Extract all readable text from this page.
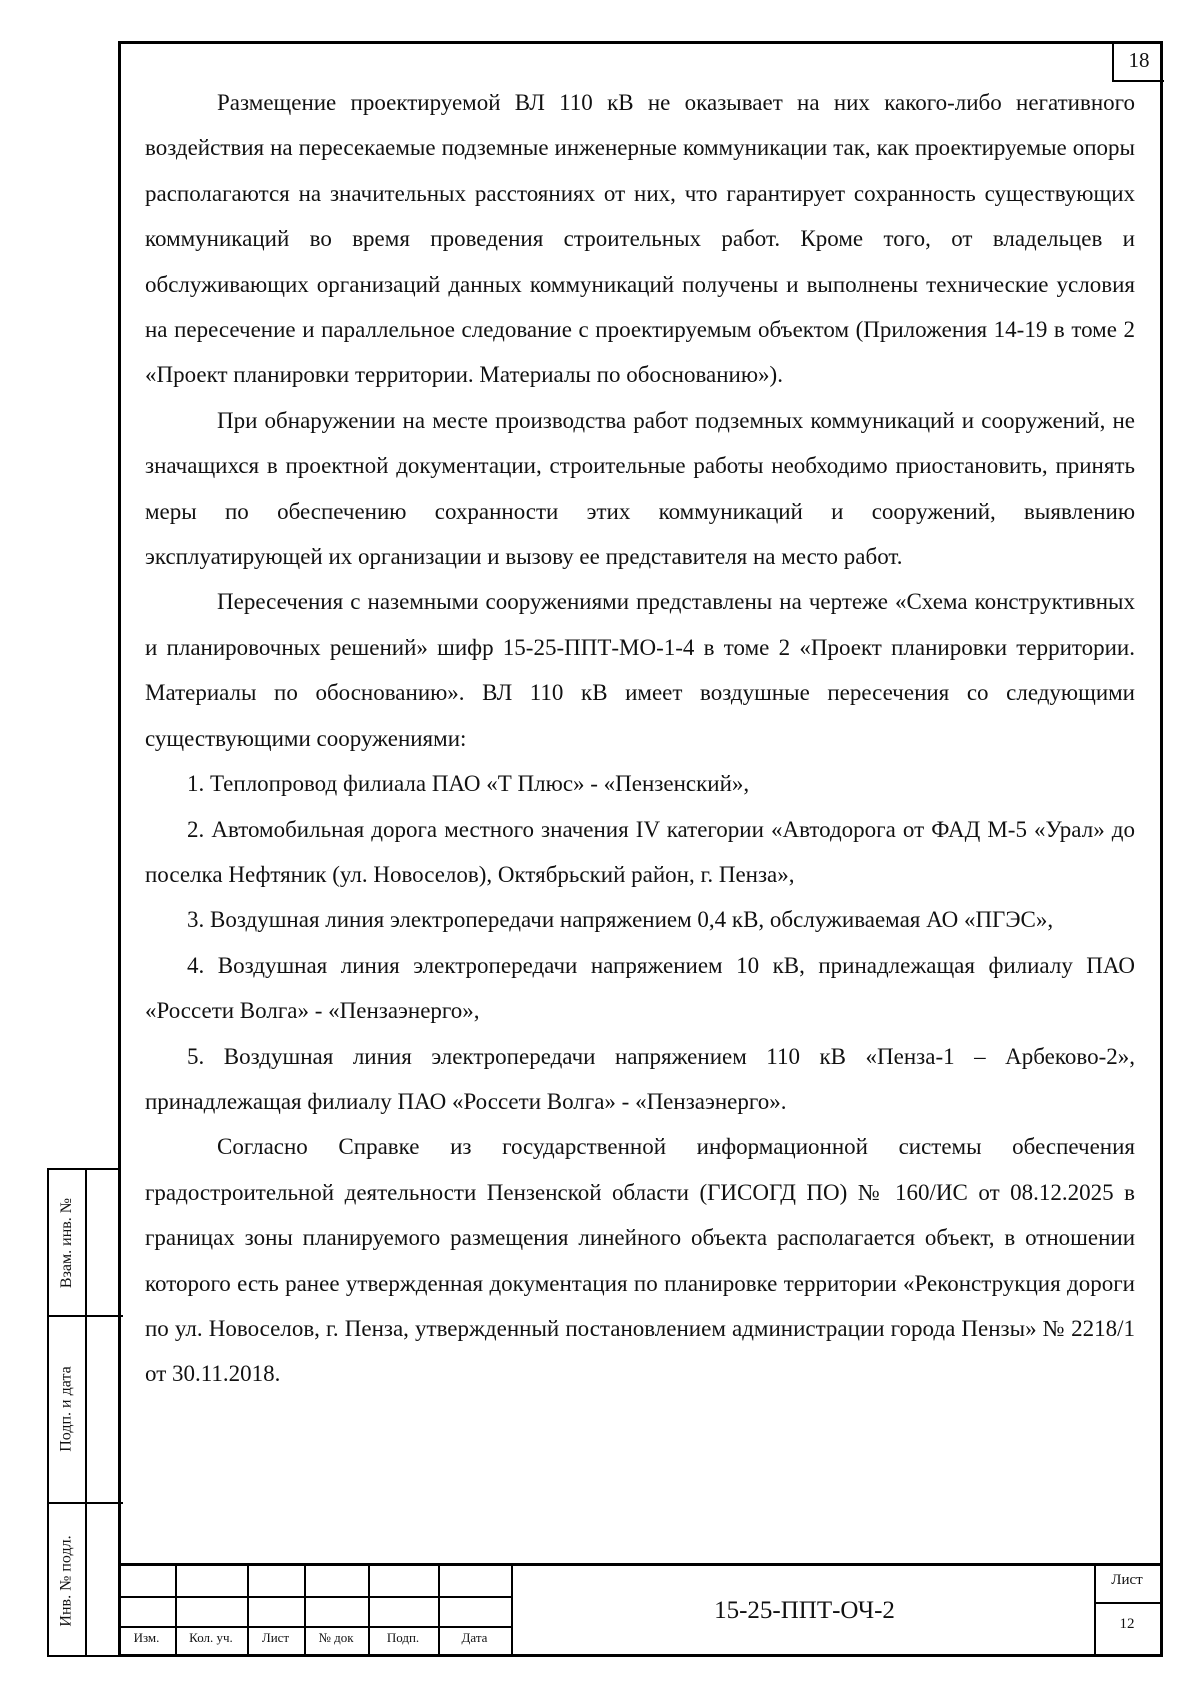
18

Размещение проектируемой ВЛ 110 кВ не оказывает на них какого-либо негативного воздействия на пересекаемые подземные инженерные коммуникации так, как проектируемые опоры располагаются на значительных расстояниях от них, что гарантирует сохранность существующих коммуникаций во время проведения строительных работ. Кроме того, от владельцев и обслуживающих организаций данных коммуникаций получены и выполнены технические условия на пересечение и параллельное следование с проектируемым объектом (Приложения 14-19 в томе 2 «Проект планировки территории. Материалы по обоснованию»).

При обнаружении на месте производства работ подземных коммуникаций и сооружений, не значащихся в проектной документации, строительные работы необходимо приостановить, принять меры по обеспечению сохранности этих коммуникаций и сооружений, выявлению эксплуатирующей их организации и вызову ее представителя на место работ.

Пересечения с наземными сооружениями представлены на чертеже «Схема конструктивных и планировочных решений» шифр 15-25-ППТ-МО-1-4 в томе 2 «Проект планировки территории. Материалы по обоснованию». ВЛ 110 кВ имеет воздушные пересечения со следующими существующими сооружениями:

1. Теплопровод филиала ПАО «Т Плюс» - «Пензенский»,

2. Автомобильная дорога местного значения IV категории «Автодорога от ФАД М-5 «Урал» до поселка Нефтяник (ул. Новоселов), Октябрьский район, г. Пенза»,

3. Воздушная линия электропередачи напряжением 0,4 кВ, обслуживаемая АО «ПГЭС»,

4. Воздушная линия электропередачи напряжением 10 кВ, принадлежащая филиалу ПАО «Россети Волга» - «Пензаэнерго»,

5. Воздушная линия электропередачи напряжением 110 кВ «Пенза-1 – Арбеково-2», принадлежащая филиалу ПАО «Россети Волга» - «Пензаэнерго».

Согласно Справке из государственной информационной системы обеспечения градостроительной деятельности Пензенской области (ГИСОГД ПО) № 160/ИС от 08.12.2025 в границах зоны планируемого размещения линейного объекта располагается объект, в отношении которого есть ранее утвержденная документация по планировке территории «Реконструкция дороги по ул. Новоселов, г. Пенза, утвержденный постановлением администрации города Пензы» № 2218/1 от 30.11.2018.

Взам. инв. №
Подп. и дата
Инв. № подл.
Изм.	Кол. уч.	Лист	№ док	Подп.	Дата
15-25-ППТ-ОЧ-2
Лист
12
